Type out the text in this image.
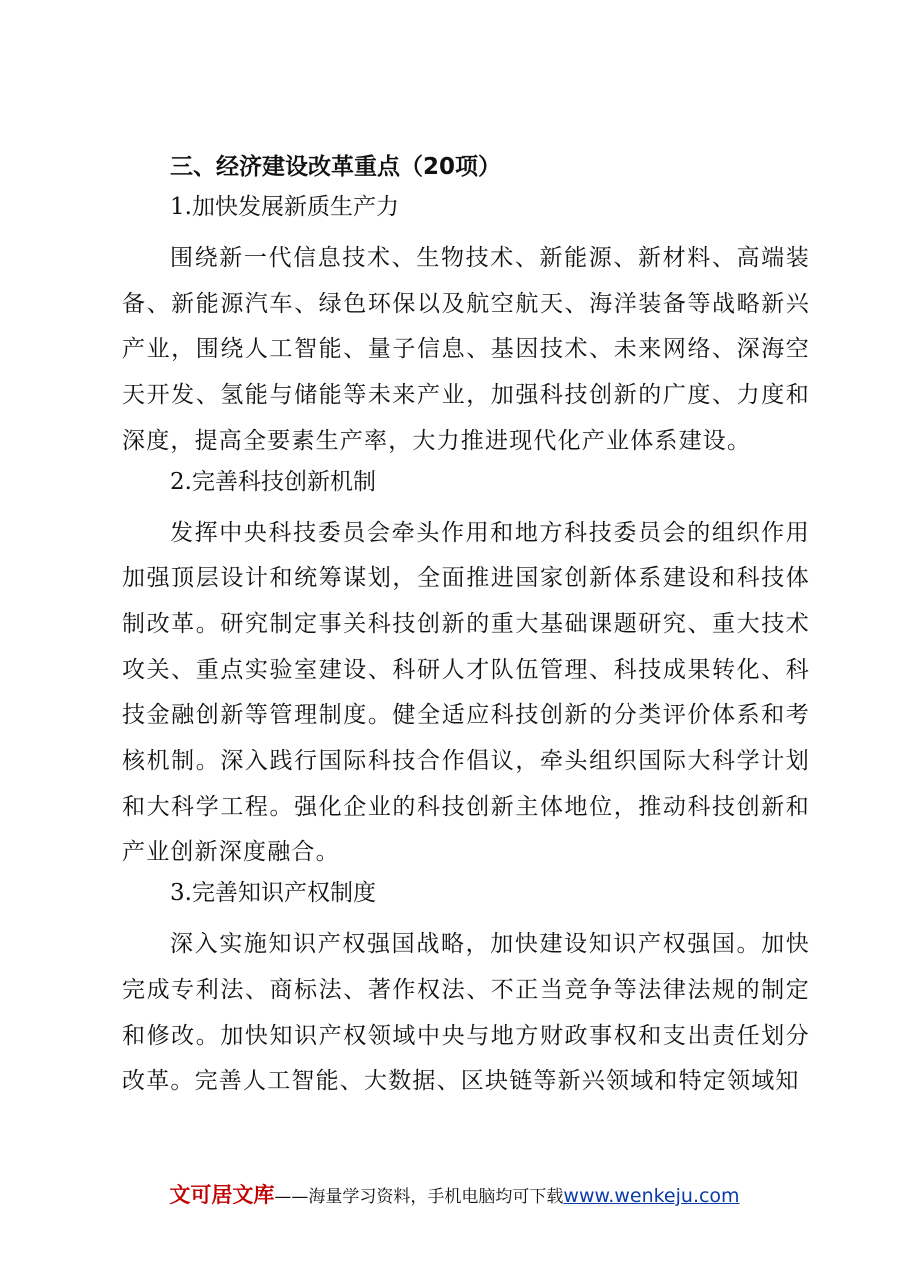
三、经济建设改革重点（20项）
1.加快发展新质生产力

围绕新一代信息技术、生物技术、新能源、新材料、高端装备、新能源汽车、绿色环保以及航空航天、海洋装备等战略新兴产业，围绕人工智能、量子信息、基因技术、未来网络、深海空天开发、氢能与储能等未来产业，加强科技创新的广度、力度和深度，提高全要素生产率，大力推进现代化产业体系建设。

2.完善科技创新机制

发挥中央科技委员会牵头作用和地方科技委员会的组织作用加强顶层设计和统筹谋划，全面推进国家创新体系建设和科技体制改革。研究制定事关科技创新的重大基础课题研究、重大技术攻关、重点实验室建设、科研人才队伍管理、科技成果转化、科技金融创新等管理制度。健全适应科技创新的分类评价体系和考核机制。深入践行国际科技合作倡议，牵头组织国际大科学计划和大科学工程。强化企业的科技创新主体地位，推动科技创新和产业创新深度融合。

3.完善知识产权制度

深入实施知识产权强国战略，加快建设知识产权强国。加快完成专利法、商标法、著作权法、不正当竞争等法律法规的制定和修改。加快知识产权领域中央与地方财政事权和支出责任划分改革。完善人工智能、大数据、区块链等新兴领域和特定领域知

文可居文库——海量学习资料，手机电脑均可下载www.wenkeju.com
